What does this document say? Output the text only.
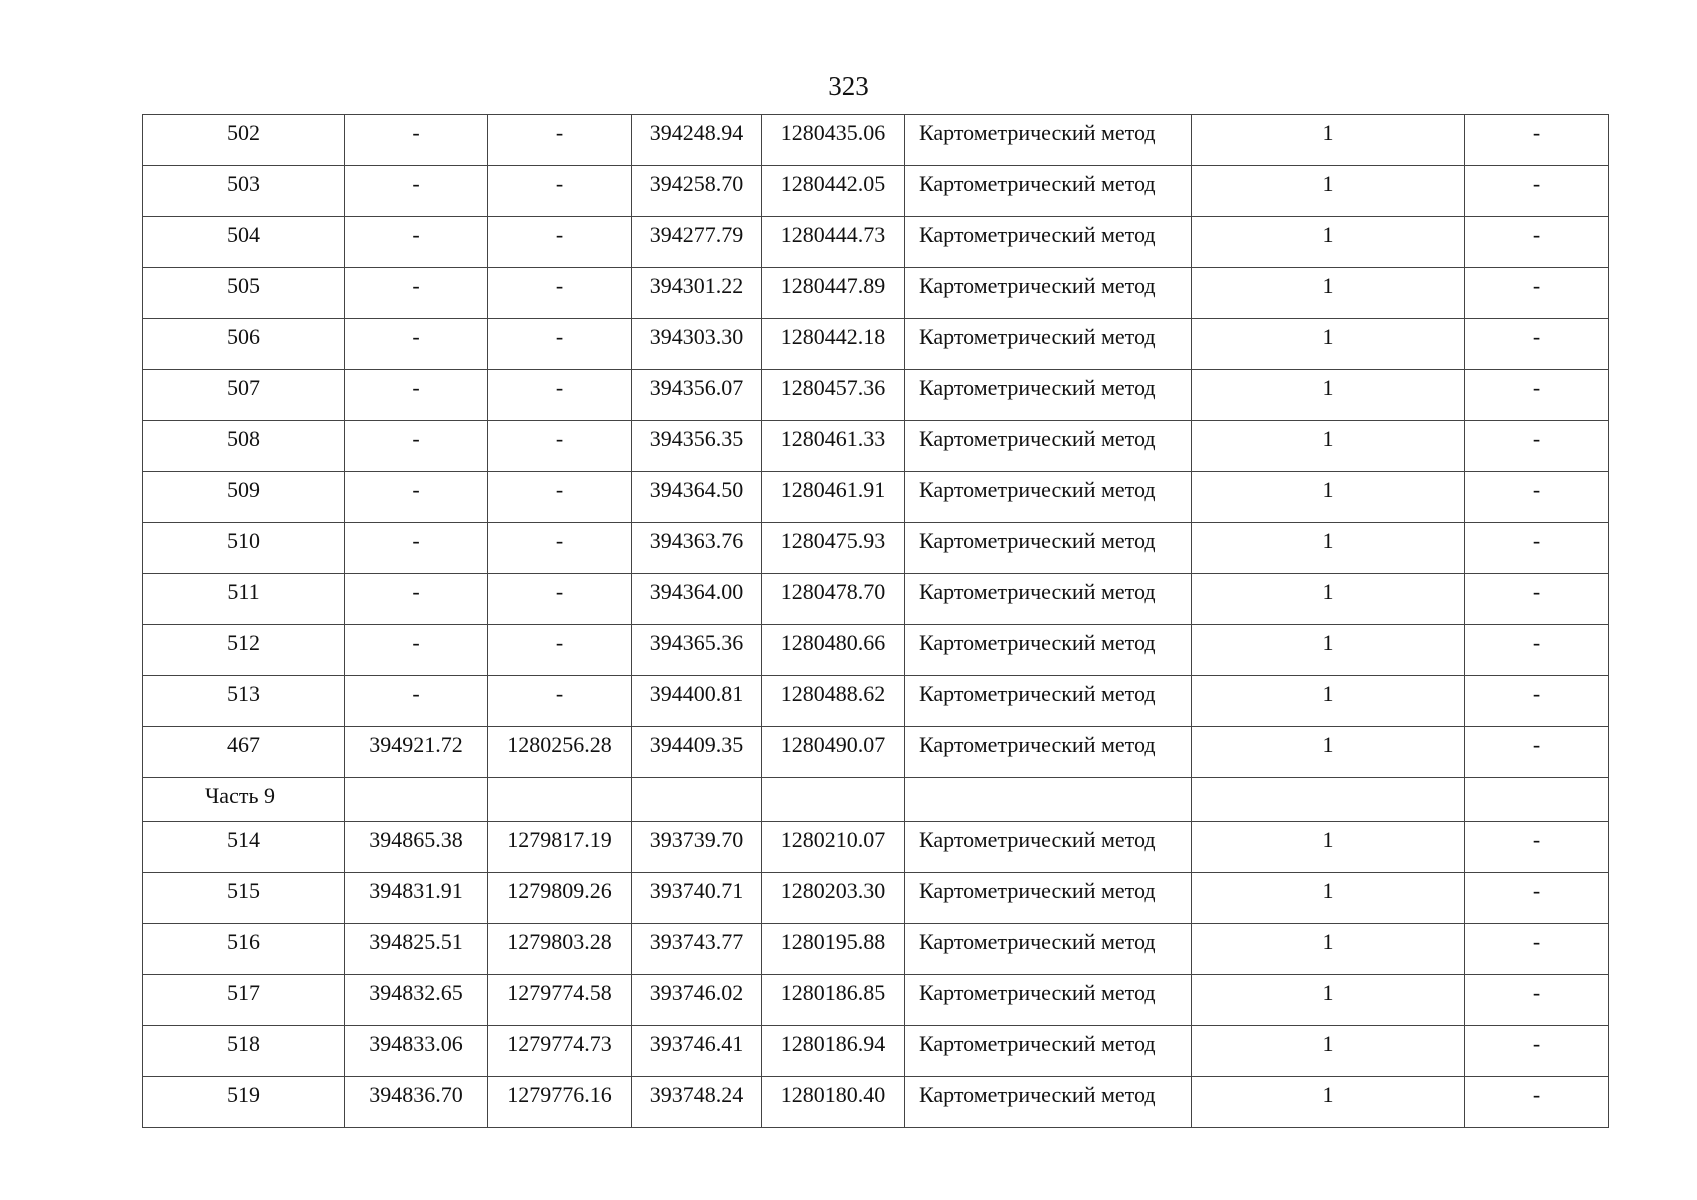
323
502	-	-	394248.94	1280435.06	Картометрический метод	1	-
503	-	-	394258.70	1280442.05	Картометрический метод	1	-
504	-	-	394277.79	1280444.73	Картометрический метод	1	-
505	-	-	394301.22	1280447.89	Картометрический метод	1	-
506	-	-	394303.30	1280442.18	Картометрический метод	1	-
507	-	-	394356.07	1280457.36	Картометрический метод	1	-
508	-	-	394356.35	1280461.33	Картометрический метод	1	-
509	-	-	394364.50	1280461.91	Картометрический метод	1	-
510	-	-	394363.76	1280475.93	Картометрический метод	1	-
511	-	-	394364.00	1280478.70	Картометрический метод	1	-
512	-	-	394365.36	1280480.66	Картометрический метод	1	-
513	-	-	394400.81	1280488.62	Картометрический метод	1	-
467	394921.72	1280256.28	394409.35	1280490.07	Картометрический метод	1	-
Часть 9							
514	394865.38	1279817.19	393739.70	1280210.07	Картометрический метод	1	-
515	394831.91	1279809.26	393740.71	1280203.30	Картометрический метод	1	-
516	394825.51	1279803.28	393743.77	1280195.88	Картометрический метод	1	-
517	394832.65	1279774.58	393746.02	1280186.85	Картометрический метод	1	-
518	394833.06	1279774.73	393746.41	1280186.94	Картометрический метод	1	-
519	394836.70	1279776.16	393748.24	1280180.40	Картометрический метод	1	-
